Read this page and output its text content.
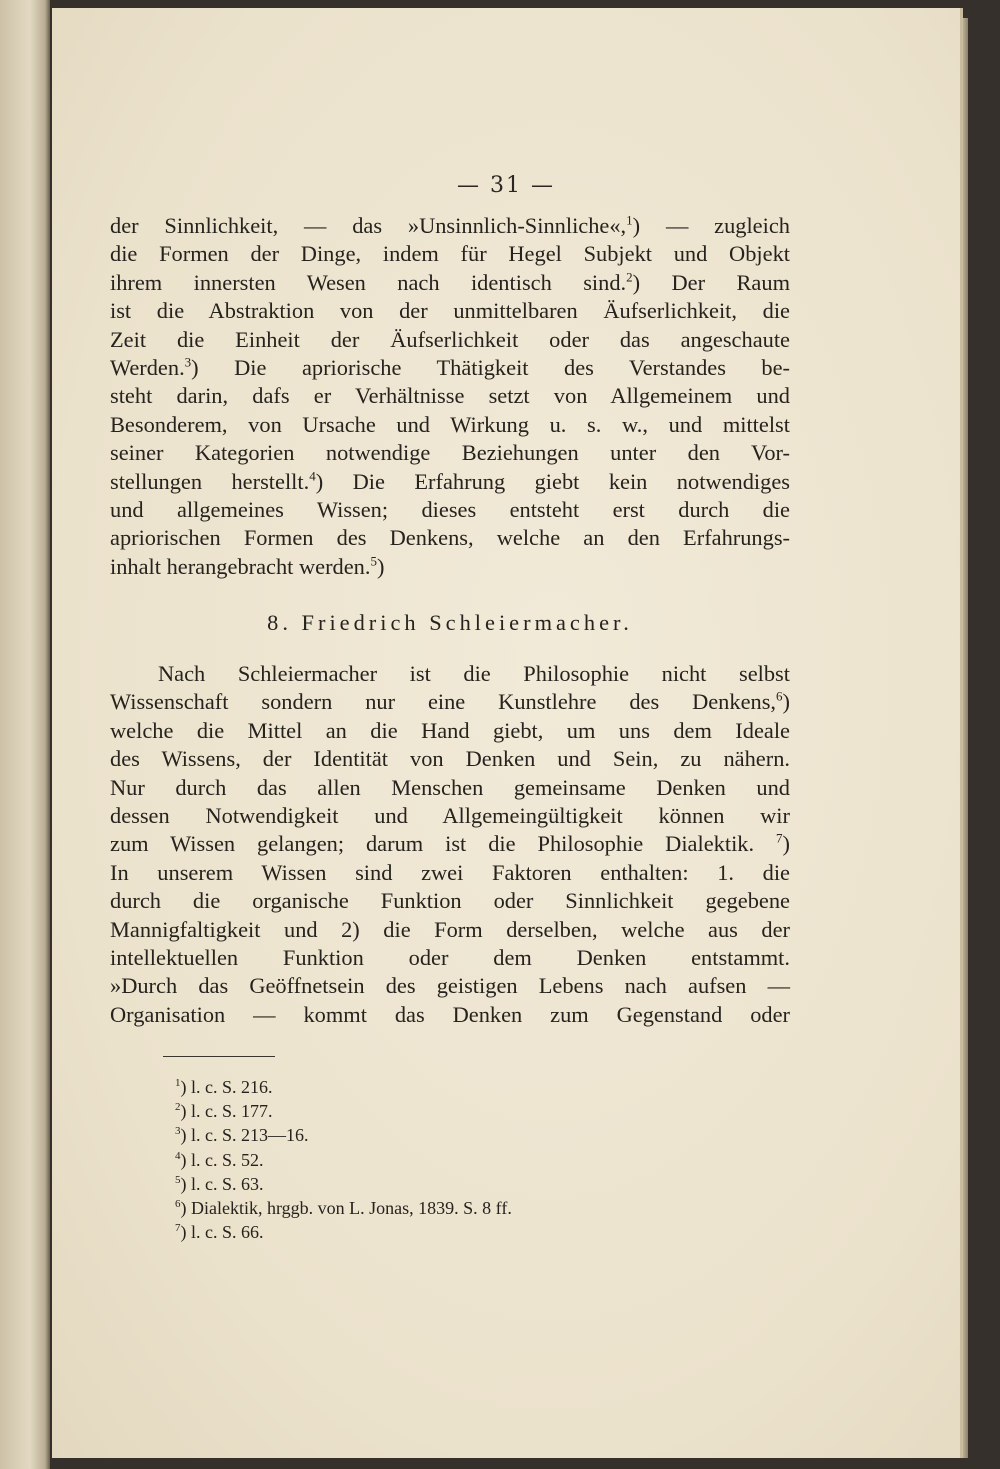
— 31 —
der Sinnlichkeit, — das »Unsinnlich-Sinnliche«,$^1$) — zugleich
die Formen der Dinge, indem für Hegel Subjekt und Objekt
ihrem innersten Wesen nach identisch sind.$^2$) Der Raum
ist die Abstraktion von der unmittelbaren Äufserlichkeit, die
Zeit die Einheit der Äufserlichkeit oder das angeschaute
Werden.$^3$) Die apriorische Thätigkeit des Verstandes be-
steht darin, dafs er Verhältnisse setzt von Allgemeinem und
Besonderem, von Ursache und Wirkung u. s. w., und mittelst
seiner Kategorien notwendige Beziehungen unter den Vor-
stellungen herstellt.$^4$) Die Erfahrung giebt kein notwendiges
und allgemeines Wissen; dieses entsteht erst durch die
apriorischen Formen des Denkens, welche an den Erfahrungs-
inhalt herangebracht werden.$^5$)
8. Friedrich Schleiermacher.
Nach Schleiermacher ist die Philosophie nicht selbst
Wissenschaft sondern nur eine Kunstlehre des Denkens,$^6$)
welche die Mittel an die Hand giebt, um uns dem Ideale
des Wissens, der Identität von Denken und Sein, zu nähern.
Nur durch das allen Menschen gemeinsame Denken und
dessen Notwendigkeit und Allgemeingültigkeit können wir
zum Wissen gelangen; darum ist die Philosophie Dialektik. $^7$)
In unserem Wissen sind zwei Faktoren enthalten: 1. die
durch die organische Funktion oder Sinnlichkeit gegebene
Mannigfaltigkeit und 2) die Form derselben, welche aus der
intellektuellen Funktion oder dem Denken entstammt.
»Durch das Geöffnetsein des geistigen Lebens nach aufsen —
Organisation — kommt das Denken zum Gegenstand oder
$^1$) l. c. S. 216.
$^2$) l. c. S. 177.
$^3$) l. c. S. 213—16.
$^4$) l. c. S. 52.
$^5$) l. c. S. 63.
$^6$) Dialektik, hrggb. von L. Jonas, 1839. S. 8 ff.
$^7$) l. c. S. 66.
